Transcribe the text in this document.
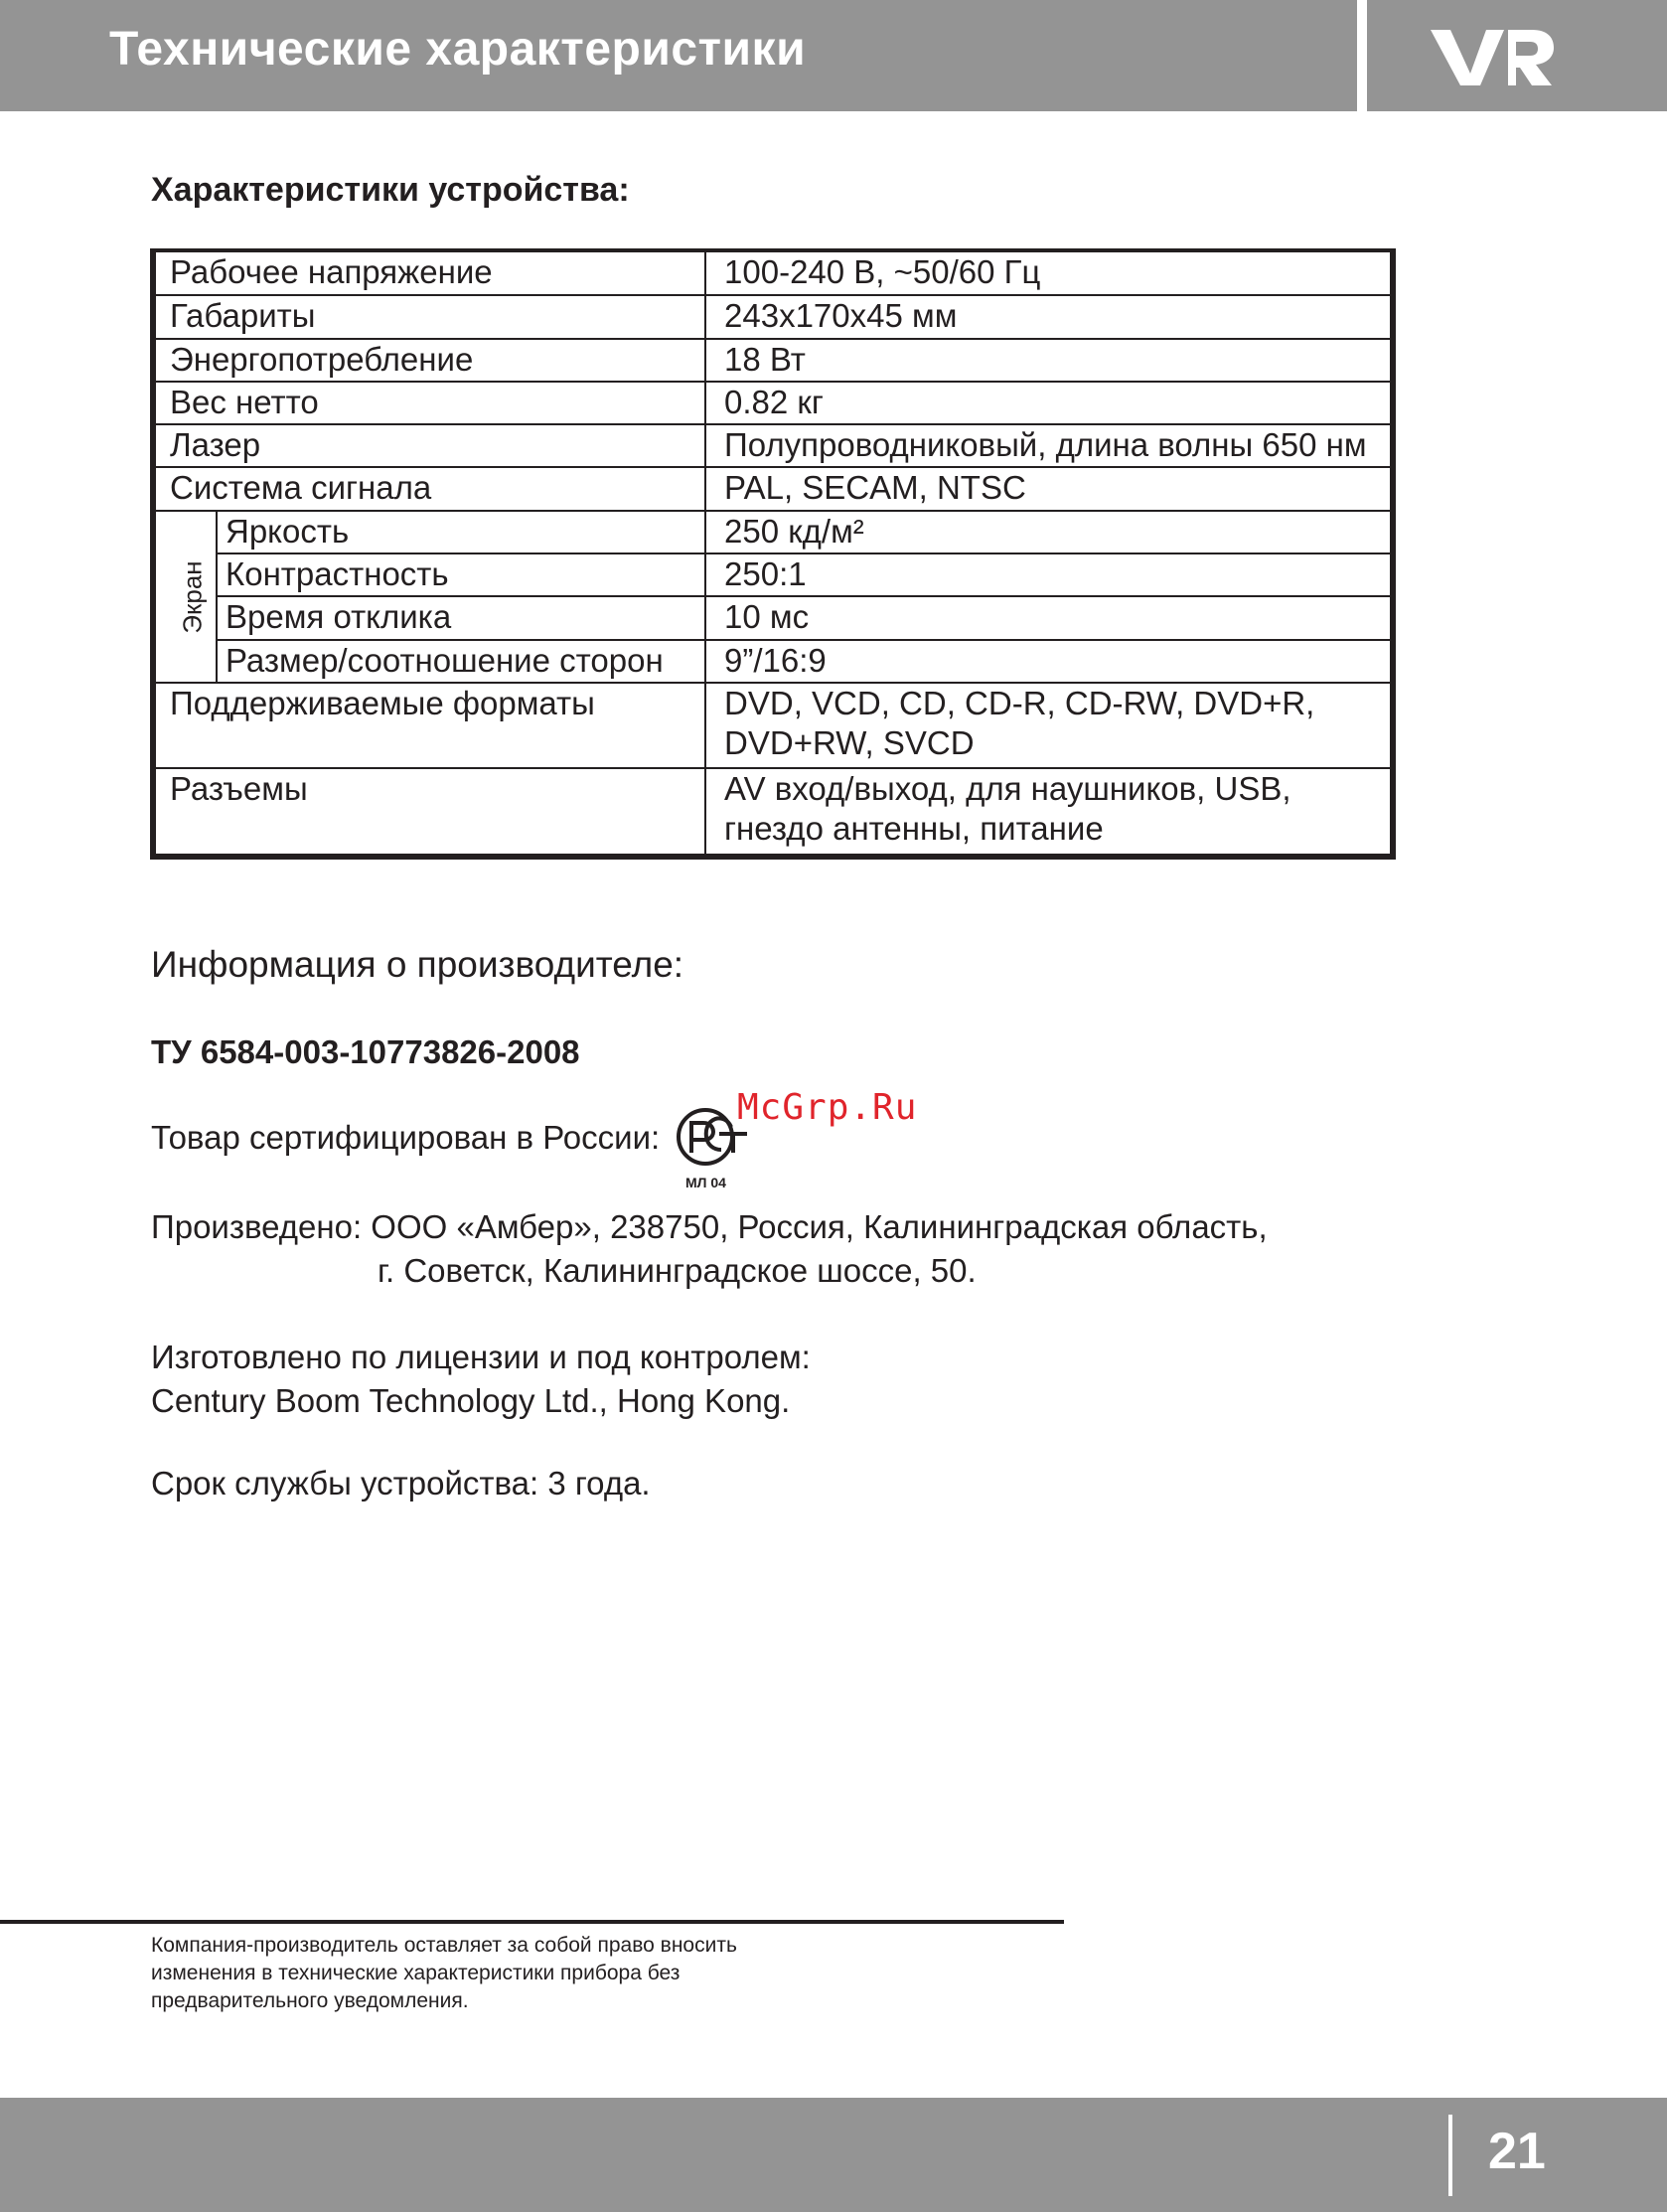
Технические характеристики
Характеристики устройства:
Рабочее напряжение		100-240 В, ~50/60 Гц
Габариты		243x170x45 мм
Энергопотребление		18 Вт
Вес нетто		0.82 кг
Лазер		Полупроводниковый, длина волны 650 нм
Система сигнала		PAL, SECAM, NTSC
Экран	Яркость	250 кд/м²
	Контрастность	250:1
	Время отклика	10 мс
	Размер/соотношение сторон	9”/16:9
Поддерживаемые форматы		DVD, VCD, CD, CD-R, CD-RW, DVD+R,
DVD+RW, SVCD

Разъемы		AV вход/выход, для наушников, USB,
гнездо антенны, питание
Информация о производителе:
ТУ 6584-003-10773826-2008
Товар сертифицирован в России:
МЛ 04
McGrp.Ru
Произведено: ООО «Амбер», 238750, Россия, Калининградская область,
г. Советск, Калининградское шоссе, 50.
Изготовлено по лицензии и под контролем:
Century Boom Technology Ltd., Hong Kong.
Срок службы устройства: 3 года.
Компания-производитель оставляет за собой право вносить изменения в технические характеристики прибора без предварительного уведомления.
21
